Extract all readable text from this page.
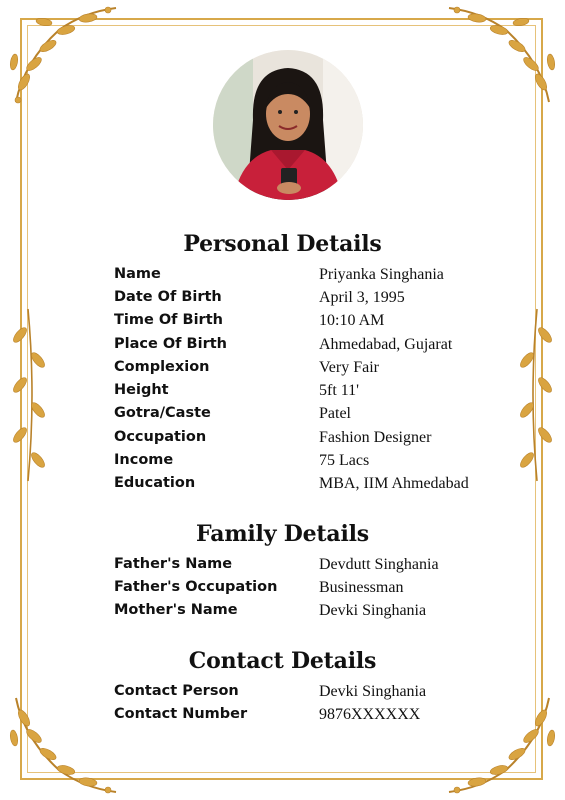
Personal Details
Name	Priyanka Singhania
Date Of Birth	April 3, 1995
Time Of Birth	10:10 AM
Place Of Birth	Ahmedabad, Gujarat
Complexion	Very Fair
Height	5ft 11'
Gotra/Caste	Patel
Occupation	Fashion Designer
Income	75 Lacs
Education	MBA, IIM Ahmedabad
Family Details
Father's Name	Devdutt Singhania
Father's Occupation	Businessman
Mother's Name	Devki Singhania
Contact Details
Contact Person	Devki Singhania
Contact Number	9876XXXXXX
